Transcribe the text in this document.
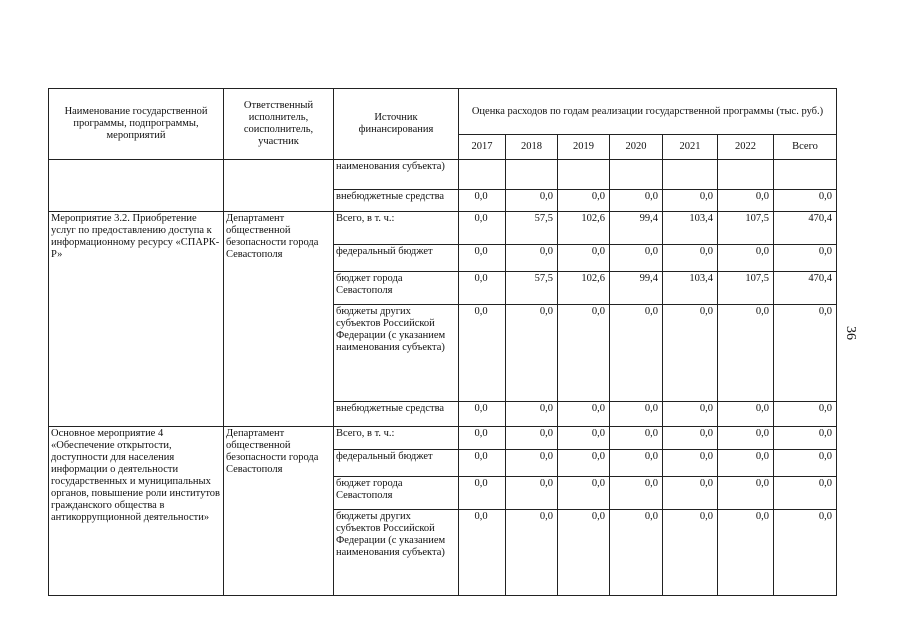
Наименование государственной программы, подпрограммы, мероприятий	Ответственный исполнитель, соисполнитель, участник	Источник финансирования	Оценка расходов по годам реализации государственной программы (тыс. руб.)						
			2017	2018	2019	2020	2021	2022	Всего
		наименования субъекта)							
		внебюджетные средства	0,0	0,0	0,0	0,0	0,0	0,0	0,0
Мероприятие 3.2. Приобретение услуг по предоставлению доступа к информационному ресурсу «СПАРК-Р»	Департамент общественной безопасности города Севастополя	Всего, в т. ч.:	0,0	57,5	102,6	99,4	103,4	107,5	470,4
		федеральный бюджет	0,0	0,0	0,0	0,0	0,0	0,0	0,0
		бюджет города Севастополя	0,0	57,5	102,6	99,4	103,4	107,5	470,4
		бюджеты других субъектов Российской Федерации (с указанием наименования субъекта)	0,0	0,0	0,0	0,0	0,0	0,0	0,0
		внебюджетные средства	0,0	0,0	0,0	0,0	0,0	0,0	0,0
Основное мероприятие 4 «Обеспечение открытости, доступности для населения информации о деятельности государственных и муниципальных органов, повышение роли институтов гражданского общества в антикоррупционной деятельности»	Департамент общественной безопасности города Севастополя	Всего, в т. ч.:	0,0	0,0	0,0	0,0	0,0	0,0	0,0
		федеральный бюджет	0,0	0,0	0,0	0,0	0,0	0,0	0,0
		бюджет города Севастополя	0,0	0,0	0,0	0,0	0,0	0,0	0,0
		бюджеты других субъектов Российской Федерации (с указанием наименования субъекта)	0,0	0,0	0,0	0,0	0,0	0,0	0,0
36
